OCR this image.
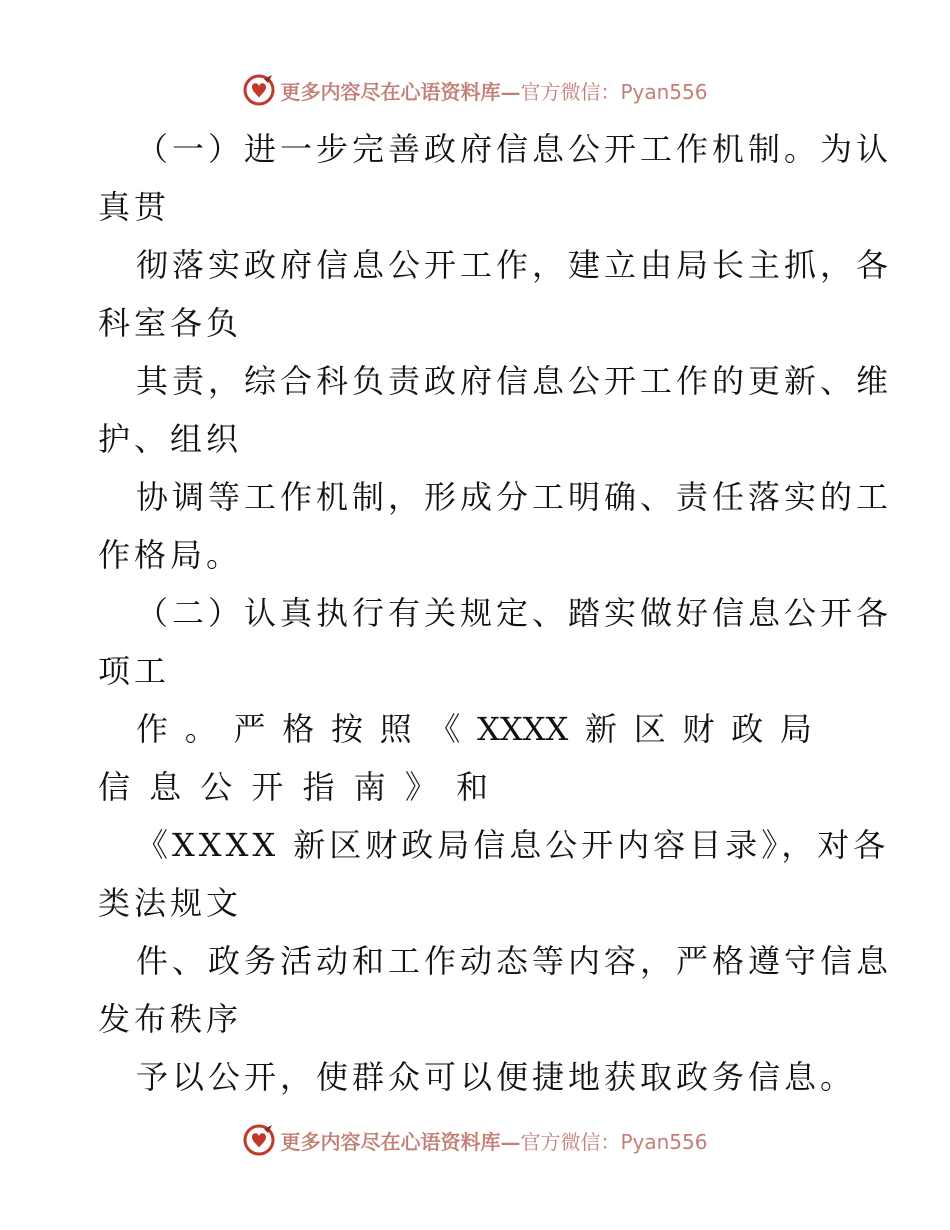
更多内容尽在心语资料库—官方微信：Pyan556
（一）进一步完善政府信息公开工作机制。为认
真贯
彻落实政府信息公开工作，建立由局长主抓，各
科室各负
其责，综合科负责政府信息公开工作的更新、维
护、组织
协调等工作机制，形成分工明确、责任落实的工
作格局。
（二）认真执行有关规定、踏实做好信息公开各
项工
作 。 严 格 按 照 《 XXXX 新 区 财 政 局
信 息 公 开 指 南 》 和
《XXXX 新区财政局信息公开内容目录》，对各
类法规文
件、政务活动和工作动态等内容，严格遵守信息
发布秩序
予以公开，使群众可以便捷地获取政务信息。
更多内容尽在心语资料库—官方微信：Pyan556
